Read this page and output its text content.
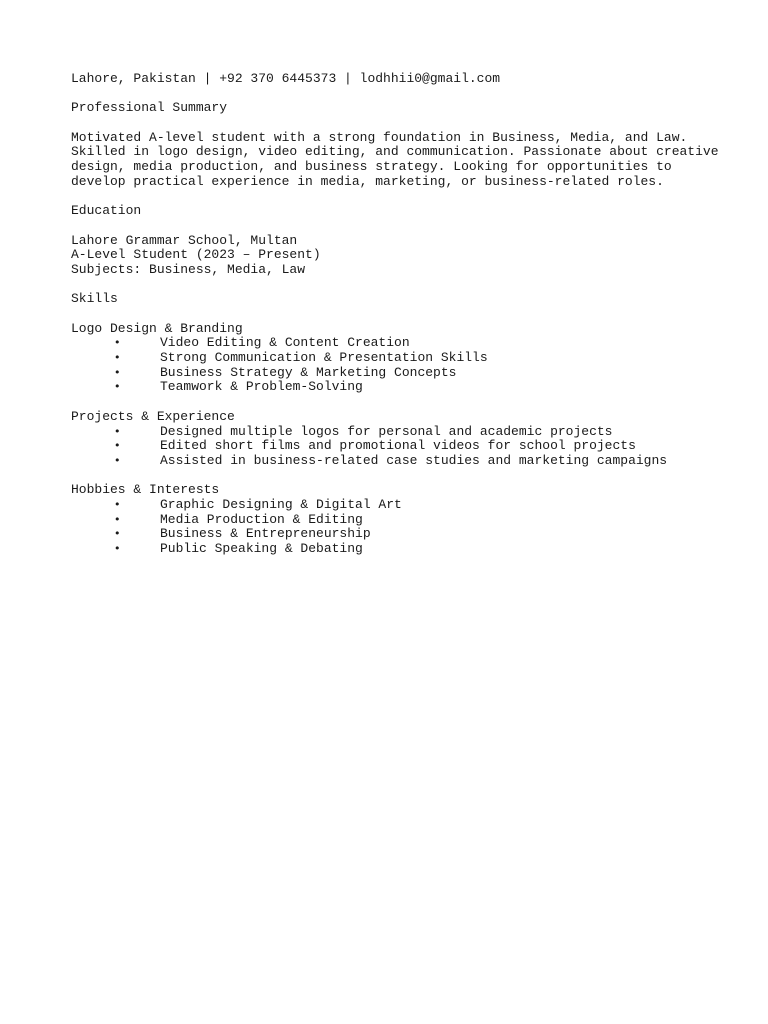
Lahore, Pakistan | +92 370 6445373 | lodhhii0@gmail.com
Professional Summary
Motivated A-level student with a strong foundation in Business, Media, and Law.
Skilled in logo design, video editing, and communication. Passionate about creative
design, media production, and business strategy. Looking for opportunities to
develop practical experience in media, marketing, or business-related roles.
Education
Lahore Grammar School, Multan
A-Level Student (2023 – Present)
Subjects: Business, Media, Law
Skills
Logo Design & Branding
•	Video Editing & Content Creation
•	Strong Communication & Presentation Skills
•	Business Strategy & Marketing Concepts
•	Teamwork & Problem-Solving
Projects & Experience
•	Designed multiple logos for personal and academic projects
•	Edited short films and promotional videos for school projects
•	Assisted in business-related case studies and marketing campaigns
Hobbies & Interests
•	Graphic Designing & Digital Art
•	Media Production & Editing
•	Business & Entrepreneurship
•	Public Speaking & Debating
